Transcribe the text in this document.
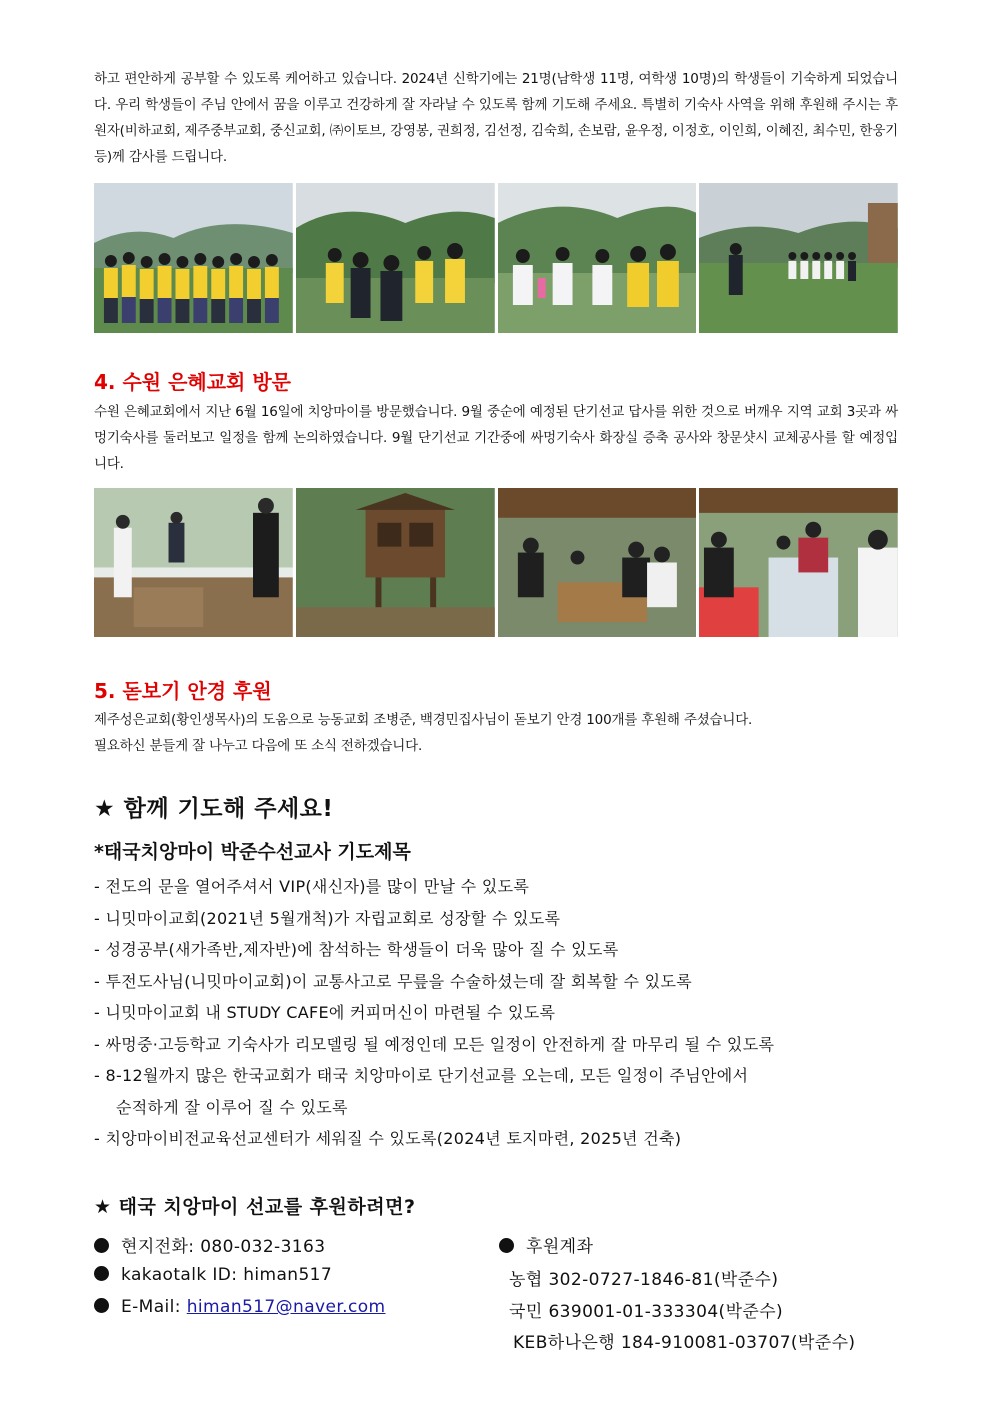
하고 편안하게 공부할 수 있도록 케어하고 있습니다. 2024년 신학기에는 21명(남학생 11명, 여학생 10명)의 학생들이 기숙하게 되었습니다. 우리 학생들이 주님 안에서 꿈을 이루고 건강하게 잘 자라날 수 있도록 함께 기도해 주세요. 특별히 기숙사 사역을 위해 후원해 주시는 후원자(비하교회, 제주중부교회, 중신교회, ㈜이토브, 강영봉, 권희정, 김선정, 김숙희, 손보람, 윤우정, 이정호, 이인희, 이혜진, 최수민, 한웅기 등)께 감사를 드립니다.
4. 수원 은혜교회 방문
수원 은혜교회에서 지난 6월 16일에 치앙마이를 방문했습니다. 9월 중순에 예정된 단기선교 답사를 위한 것으로 버깨우 지역 교회 3곳과 싸멍기숙사를 둘러보고 일정을 함께 논의하였습니다. 9월 단기선교 기간중에 싸멍기숙사 화장실 증축 공사와 창문샷시 교체공사를 할 예정입니다.
5. 돋보기 안경 후원
제주성은교회(황인생목사)의 도움으로 능동교회 조병준, 백경민집사님이 돋보기 안경 100개를 후원해 주셨습니다.
필요하신 분들게 잘 나누고 다음에 또 소식 전하겠습니다.
★ 함께 기도해 주세요!
*태국치앙마이 박준수선교사 기도제목
- 전도의 문을 열어주셔서 VIP(새신자)를 많이 만날 수 있도록
- 니밋마이교회(2021년 5월개척)가 자립교회로 성장할 수 있도록
- 성경공부(새가족반,제자반)에 참석하는 학생들이 더욱 많아 질 수 있도록
- 투전도사님(니밋마이교회)이 교통사고로 무릎을 수술하셨는데 잘 회복할 수 있도록
- 니밋마이교회 내 STUDY CAFE에 커피머신이 마련될 수 있도록
- 싸멍중·고등학교 기숙사가 리모델링 될 예정인데 모든 일정이 안전하게 잘 마무리 될 수 있도록
- 8-12월까지 많은 한국교회가 태국 치앙마이로 단기선교를 오는데, 모든 일정이 주님안에서
순적하게 잘 이루어 질 수 있도록
- 치앙마이비전교육선교센터가 세워질 수 있도록(2024년 토지마련, 2025년 건축)
★ 태국 치앙마이 선교를 후원하려면?
현지전화: 080-032-3163
kakaotalk ID: himan517
E-Mail: himan517@naver.com
후원계좌
농협 302-0727-1846-81(박준수)
국민 639001-01-333304(박준수)
KEB하나은행 184-910081-03707(박준수)
